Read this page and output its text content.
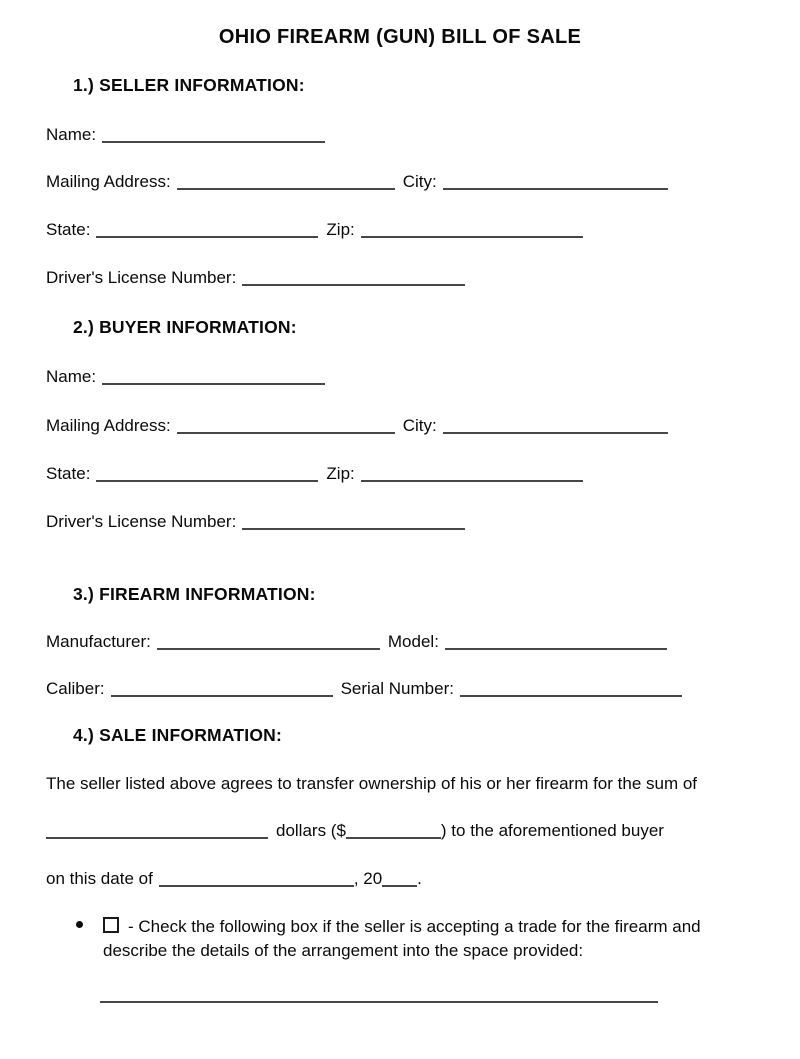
OHIO FIREARM (GUN) BILL OF SALE
1.) SELLER INFORMATION:
Name:
Mailing Address:	City:
State:	Zip:
Driver's License Number:
2.) BUYER INFORMATION:
Name:
Mailing Address:	City:
State:	Zip:
Driver's License Number:
3.) FIREARM INFORMATION:
Manufacturer:	Model:
Caliber:	Serial Number:
4.) SALE INFORMATION:
The seller listed above agrees to transfer ownership of his or her firearm for the sum of
dollars ($	) to the aforementioned buyer
on this date of	, 20 .
- Check the following box if the seller is accepting a trade for the firearm and
describe the details of the arrangement into the space provided:
